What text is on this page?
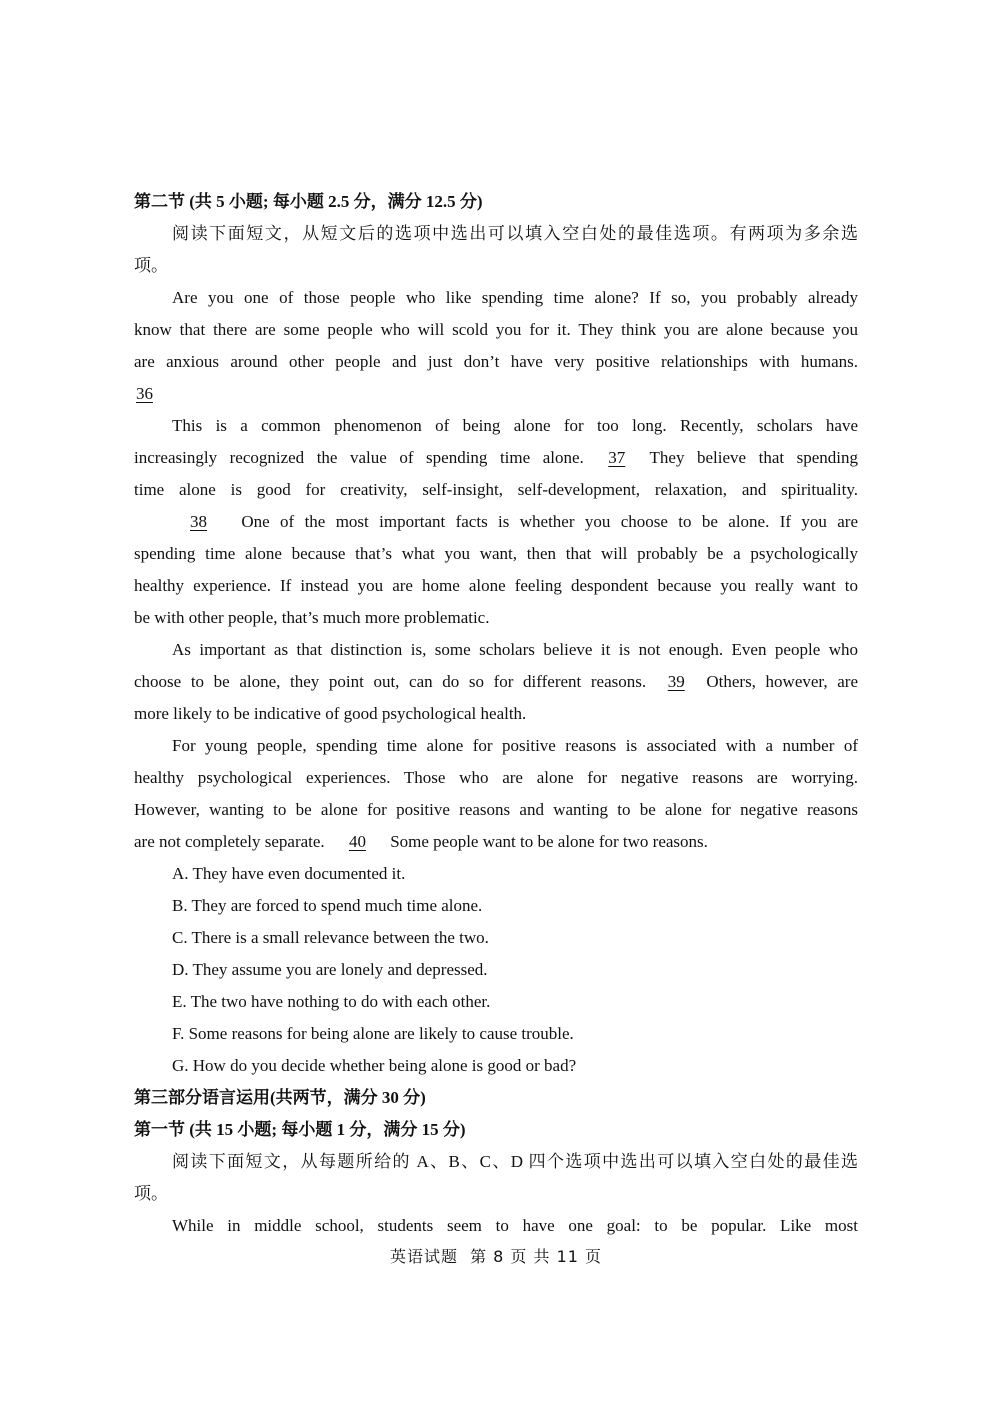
第二节 (共 5 小题; 每小题 2.5 分，满分 12.5 分)
阅读下面短文，从短文后的选项中选出可以填入空白处的最佳选项。有两项为多余选
项。
Are you one of those people who like spending time alone? If so, you probably already
know that there are some people who will scold you for it. They think you are alone because you
are anxious around other people and just don’t have very positive relationships with humans.
36
This is a common phenomenon of being alone for too long. Recently, scholars have
increasingly recognized the value of spending time alone. 37 They believe that spending
time alone is good for creativity, self-insight, self-development, relaxation, and spirituality.
38 One of the most important facts is whether you choose to be alone. If you are
spending time alone because that’s what you want, then that will probably be a psychologically
healthy experience. If instead you are home alone feeling despondent because you really want to
be with other people, that’s much more problematic.
As important as that distinction is, some scholars believe it is not enough. Even people who
choose to be alone, they point out, can do so for different reasons. 39 Others, however, are
more likely to be indicative of good psychological health.
For young people, spending time alone for positive reasons is associated with a number of
healthy psychological experiences. Those who are alone for negative reasons are worrying.
However, wanting to be alone for positive reasons and wanting to be alone for negative reasons
are not completely separate. 40 Some people want to be alone for two reasons.
A. They have even documented it.
B. They are forced to spend much time alone.
C. There is a small relevance between the two.
D. They assume you are lonely and depressed.
E. The two have nothing to do with each other.
F. Some reasons for being alone are likely to cause trouble.
G. How do you decide whether being alone is good or bad?
第三部分语言运用(共两节，满分 30 分)
第一节 (共 15 小题; 每小题 1 分，满分 15 分)
阅读下面短文，从每题所给的 A、B、C、D 四个选项中选出可以填入空白处的最佳选
项。
While in middle school, students seem to have one goal: to be popular. Like most
英语试题 第 8 页 共 11 页
